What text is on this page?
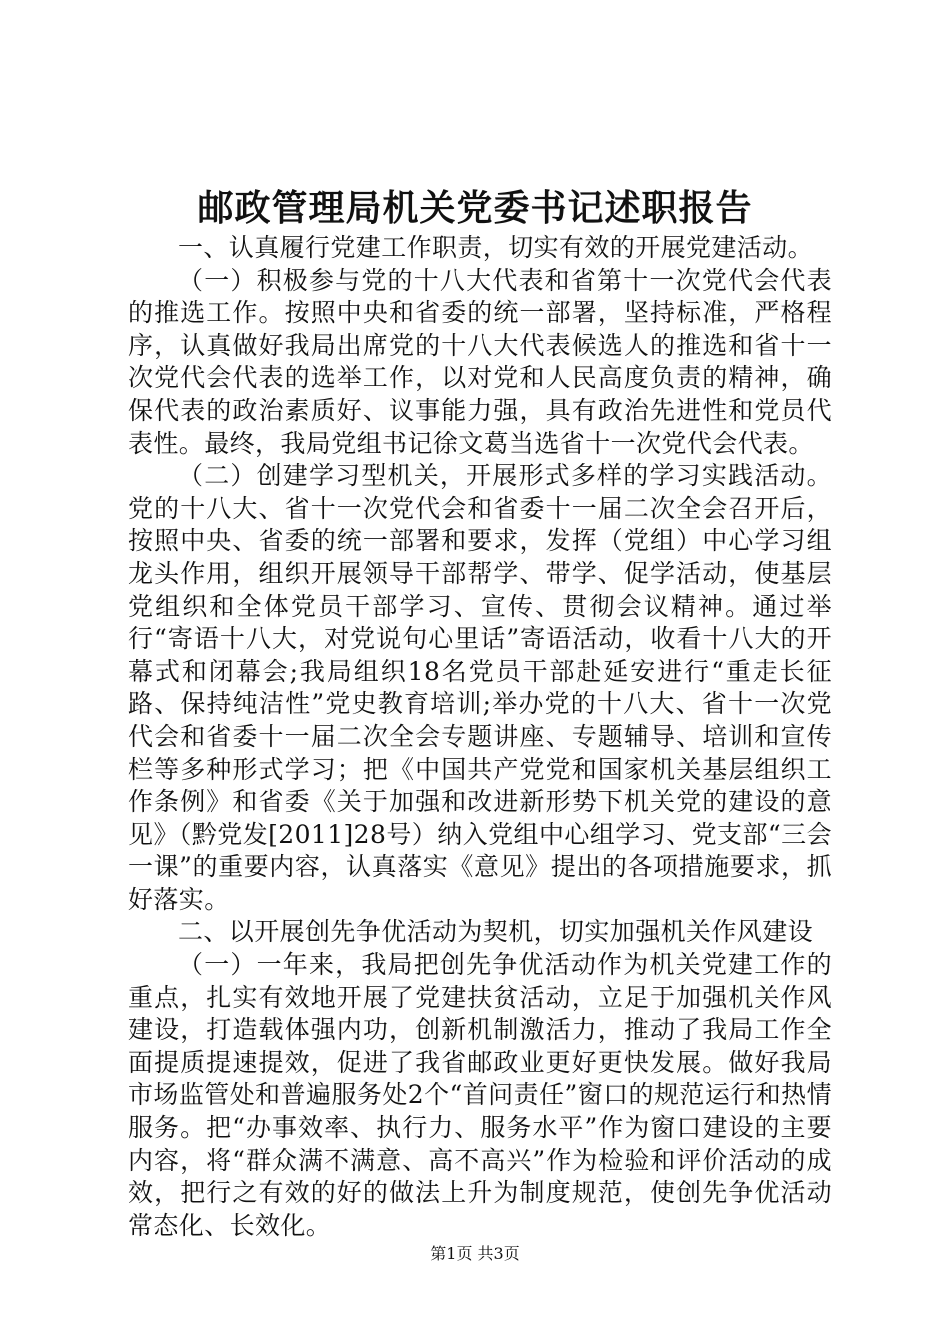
邮政管理局机关党委书记述职报告

一、认真履行党建工作职责，切实有效的开展党建活动。

（一）积极参与党的十八大代表和省第十一次党代会代表的推选工作。按照中央和省委的统一部署，坚持标准，严格程序，认真做好我局出席党的十八大代表候选人的推选和省十一次党代会代表的选举工作，以对党和人民高度负责的精神，确保代表的政治素质好、议事能力强，具有政治先进性和党员代表性。最终，我局党组书记徐文葛当选省十一次党代会代表。

（二）创建学习型机关，开展形式多样的学习实践活动。党的十八大、省十一次党代会和省委十一届二次全会召开后，按照中央、省委的统一部署和要求，发挥（党组）中心学习组龙头作用，组织开展领导干部帮学、带学、促学活动，使基层党组织和全体党员干部学习、宣传、贯彻会议精神。通过举行“寄语十八大，对党说句心里话”寄语活动，收看十八大的开幕式和闭幕会;我局组织18名党员干部赴延安进行“重走长征路、保持纯洁性”党史教育培训;举办党的十八大、省十一次党代会和省委十一届二次全会专题讲座、专题辅导、培训和宣传栏等多种形式学习；把《中国共产党党和国家机关基层组织工作条例》和省委《关于加强和改进新形势下机关党的建设的意见》（黔党发[2011]28号）纳入党组中心组学习、党支部“三会一课”的重要内容，认真落实《意见》提出的各项措施要求，抓好落实。

二、以开展创先争优活动为契机，切实加强机关作风建设

（一）一年来，我局把创先争优活动作为机关党建工作的重点，扎实有效地开展了党建扶贫活动，立足于加强机关作风建设，打造载体强内功，创新机制激活力，推动了我局工作全面提质提速提效，促进了我省邮政业更好更快发展。做好我局市场监管处和普遍服务处2个“首问责任”窗口的规范运行和热情服务。把“办事效率、执行力、服务水平”作为窗口建设的主要内容，将“群众满不满意、高不高兴”作为检验和评价活动的成效，把行之有效的好的做法上升为制度规范，使创先争优活动常态化、长效化。

第1页 共3页
